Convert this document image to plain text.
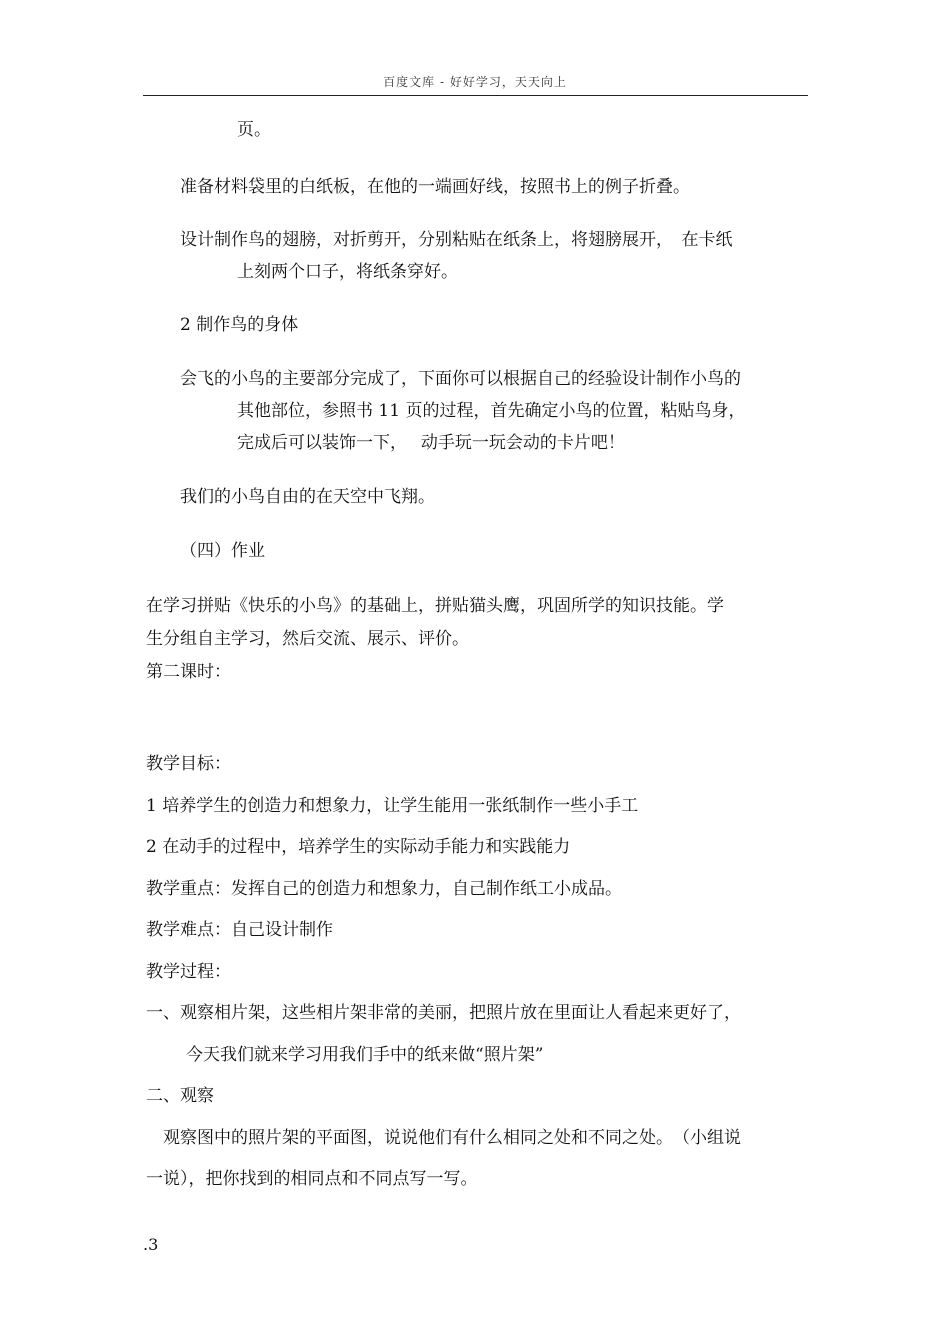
百度文库 - 好好学习，天天向上
页。
准备材料袋里的白纸板，在他的一端画好线，按照书上的例子折叠。
设计制作鸟的翅膀，对折剪开，分别粘贴在纸条上，将翅膀展开，　在卡纸
上刻两个口子，将纸条穿好。
2 制作鸟的身体
会飞的小鸟的主要部分完成了，下面你可以根据自己的经验设计制作小鸟的
其他部位，参照书 11 页的过程，首先确定小鸟的位置，粘贴鸟身，
完成后可以装饰一下，　 动手玩一玩会动的卡片吧！
我们的小鸟自由的在天空中飞翔。
（四）作业
在学习拼贴《快乐的小鸟》的基础上，拼贴猫头鹰，巩固所学的知识技能。学
生分组自主学习，然后交流、展示、评价。
第二课时：
教学目标：
1 培养学生的创造力和想象力，让学生能用一张纸制作一些小手工
2 在动手的过程中，培养学生的实际动手能力和实践能力
教学重点：发挥自己的创造力和想象力，自己制作纸工小成品。
教学难点：自己设计制作
教学过程：
一、观察相片架，这些相片架非常的美丽，把照片放在里面让人看起来更好了，
今天我们就来学习用我们手中的纸来做“照片架”
二、观察
观察图中的照片架的平面图，说说他们有什么相同之处和不同之处。　（小组说
一说），把你找到的相同点和不同点写一写。
.3
